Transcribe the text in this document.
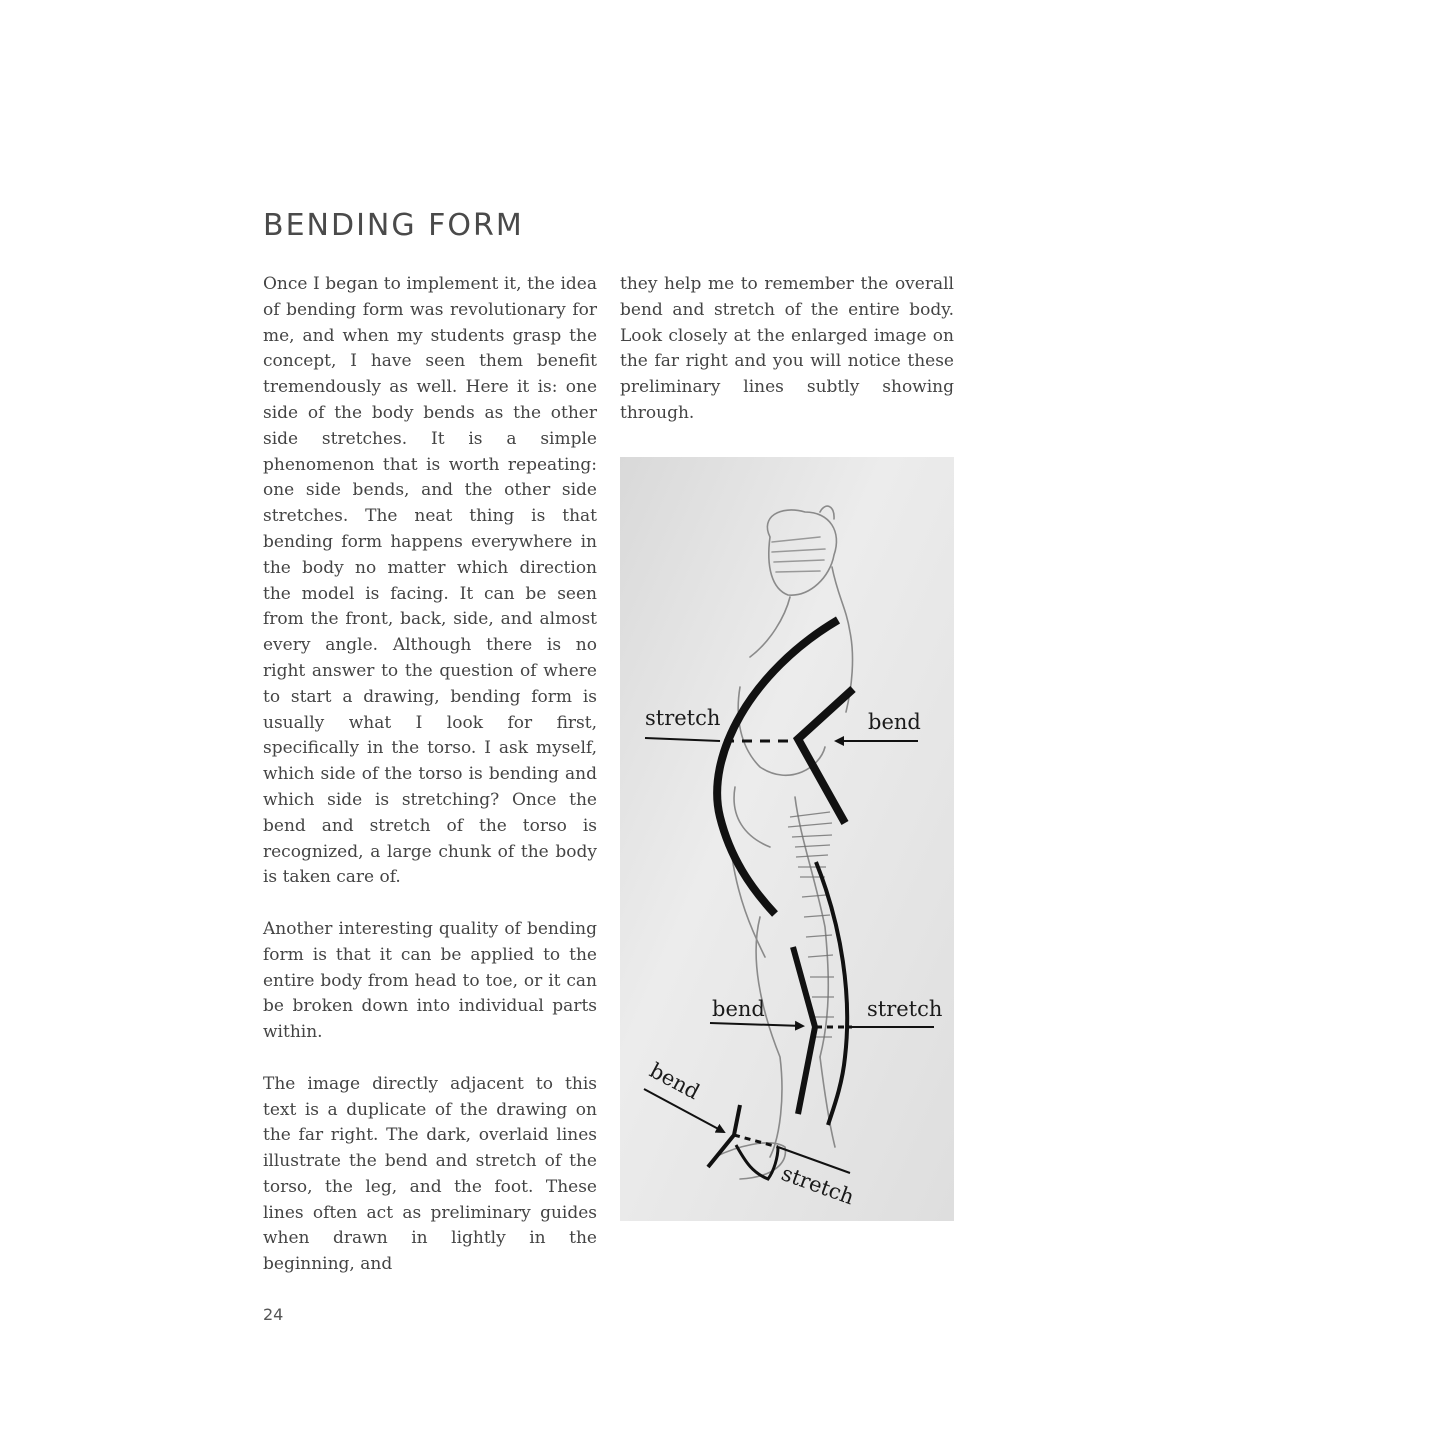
BENDING FORM

Once I began to implement it, the idea of bending form was revolutionary for me, and when my students grasp the concept, I have seen them benefit tremendously as well. Here it is: one side of the body bends as the other side stretches. It is a simple phenomenon that is worth repeating: one side bends, and the other side stretches. The neat thing is that bending form happens everywhere in the body no matter which direction the model is facing. It can be seen from the front, back, side, and almost every angle. Although there is no right answer to the question of where to start a drawing, bending form is usually what I look for first, specifically in the torso. I ask myself, which side of the torso is bending and which side is stretching? Once the bend and stretch of the torso is recognized, a large chunk of the body is taken care of.

Another interesting quality of bending form is that it can be applied to the entire body from head to toe, or it can be broken down into individual parts within.

The image directly adjacent to this text is a duplicate of the drawing on the far right. The dark, overlaid lines illustrate the bend and stretch of the torso, the leg, and the foot. These lines often act as preliminary guides when drawn in lightly in the beginning, and

they help me to remember the overall bend and stretch of the entire body. Look closely at the enlarged image on the far right and you will notice these preliminary lines subtly showing through.

stretch	bend
bend	stretch
bend
stretch
24
